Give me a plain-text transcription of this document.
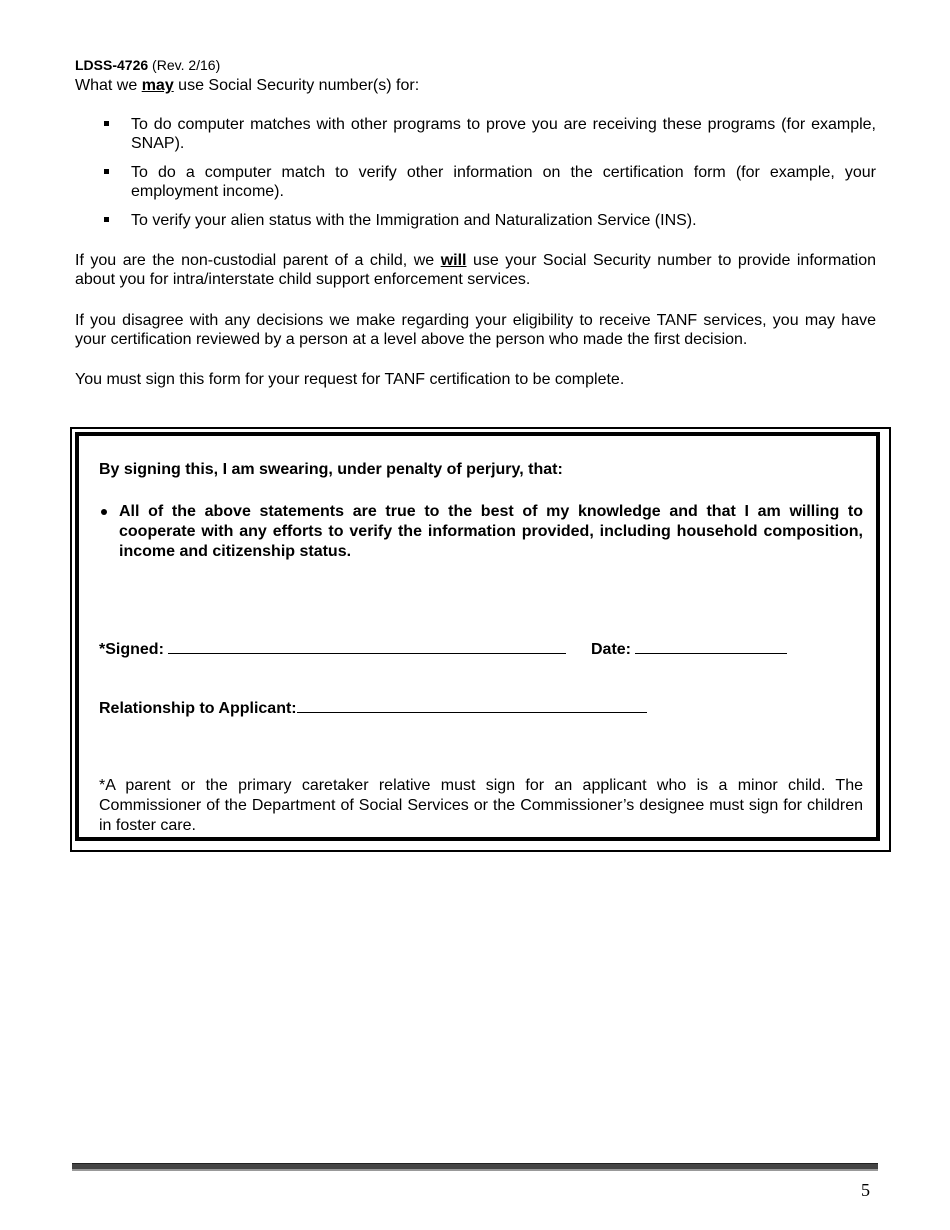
LDSS-4726 (Rev. 2/16)
What we may use Social Security number(s) for:
To do computer matches with other programs to prove you are receiving these programs (for example, SNAP).
To do a computer match to verify other information on the certification form (for example, your employment income).
To verify your alien status with the Immigration and Naturalization Service (INS).

If you are the non-custodial parent of a child, we will use your Social Security number to provide information about you for intra/interstate child support enforcement services.

If you disagree with any decisions we make regarding your eligibility to receive TANF services, you may have your certification reviewed by a person at a level above the person who made the first decision.

You must sign this form for your request for TANF certification to be complete.

By signing this, I am swearing, under penalty of perjury, that:
All of the above statements are true to the best of my knowledge and that I am willing to cooperate with any efforts to verify the information provided, including household composition, income and citizenship status.
*Signed:	Date:
Relationship to Applicant:
*A parent or the primary caretaker relative must sign for an applicant who is a minor child. The Commissioner of the Department of Social Services or the Commissioner’s designee must sign for children in foster care.
5
